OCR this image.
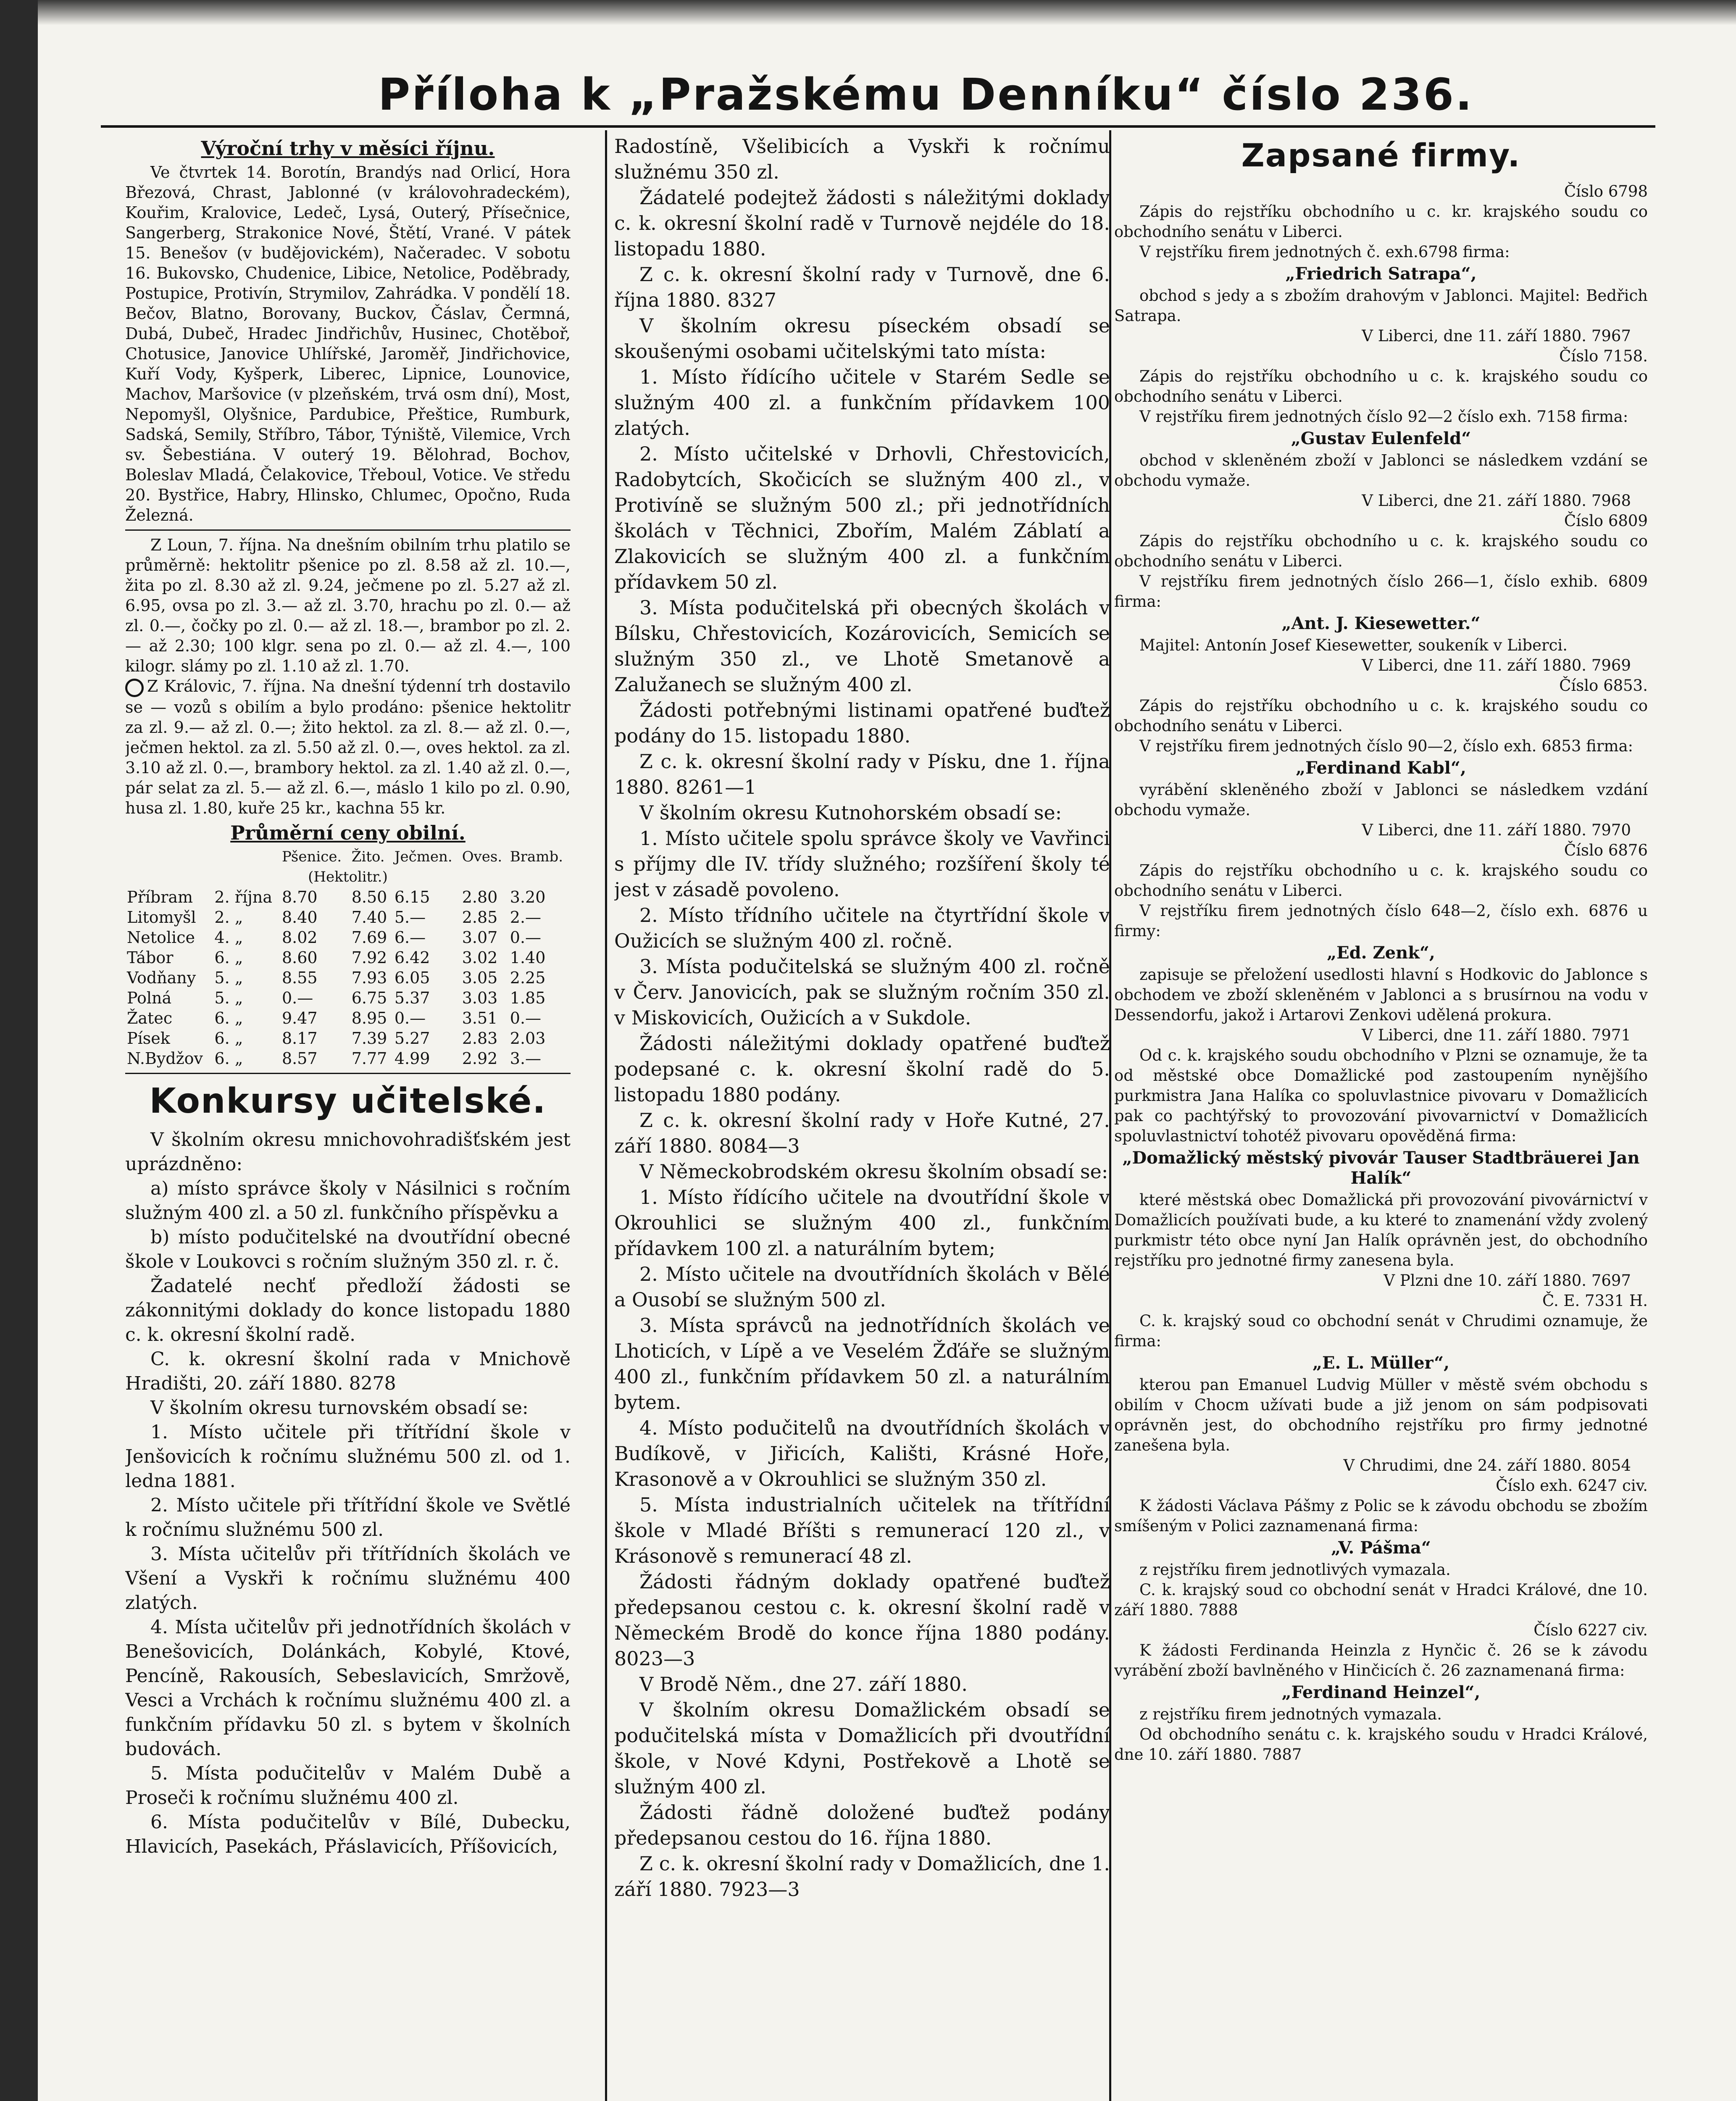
Příloha k „Pražskému Denníku“ číslo 236.
Výroční trhy v měsíci říjnu.

Ve čtvrtek 14. Borotín, Brandýs nad Orlicí, Hora Březová, Chrast, Jablonné (v královohradeckém), Kouřim, Kralovice, Ledeč, Lysá, Outerý, Přísečnice, Sangerberg, Strakonice Nové, Štětí, Vrané. V pátek 15. Benešov (v budějovickém), Načeradec. V sobotu 16. Bukovsko, Chudenice, Libice, Netolice, Poděbrady, Postupice, Protivín, Strymilov, Zahrádka. V pondělí 18. Bečov, Blatno, Borovany, Buckov, Čáslav, Čermná, Dubá, Dubeč, Hradec Jindřichův, Husinec, Chotěboř, Chotusice, Janovice Uhlířské, Jaroměř, Jindřichovice, Kuří Vody, Kyšperk, Liberec, Lipnice, Lounovice, Machov, Maršovice (v plzeňském, trvá osm dní), Most, Nepomyšl, Olyšnice, Pardubice, Přeštice, Rumburk, Sadská, Semily, Stříbro, Tábor, Týniště, Vilemice, Vrch sv. Šebestiána. V outerý 19. Bělohrad, Bochov, Boleslav Mladá, Čelakovice, Třeboul, Votice. Ve středu 20. Bystřice, Habry, Hlinsko, Chlumec, Opočno, Ruda Železná.

Z Loun, 7. října. Na dnešním obilním trhu platilo se průměrně: hektolitr pšenice po zl. 8.58 až zl. 10.—, žita po zl. 8.30 až zl. 9.24, ječmene po zl. 5.27 až zl. 6.95, ovsa po zl. 3.— až zl. 3.70, hrachu po zl. 0.— až zl. 0.—, čočky po zl. 0.— až zl. 18.—, brambor po zl. 2.— až 2.30; 100 klgr. sena po zl. 0.— až zl. 4.—, 100 kilogr. slámy po zl. 1.10 až zl. 1.70.

Z Královic, 7. října. Na dnešní týdenní trh dostavilo se — vozů s obilím a bylo prodáno: pšenice hektolitr za zl. 9.— až zl. 0.—; žito hektol. za zl. 8.— až zl. 0.—, ječmen hektol. za zl. 5.50 až zl. 0.—, oves hektol. za zl. 3.10 až zl. 0.—, brambory hektol. za zl. 1.40 až zl. 0.—, pár selat za zl. 5.— až zl. 6.—, máslo 1 kilo po zl. 0.90, husa zl. 1.80, kuře 25 kr., kachna 55 kr.

Průměrní ceny obilní.
		Pšenice.	Žito.	Ječmen.	Oves.	Bramb.
(Hektolitr.)						
Příbram	2. října	8.70	8.50	6.15	2.80	3.20
Litomyšl	2. „	8.40	7.40	5.—	2.85	2.—
Netolice	4. „	8.02	7.69	6.—	3.07	0.—
Tábor	6. „	8.60	7.92	6.42	3.02	1.40
Vodňany	5. „	8.55	7.93	6.05	3.05	2.25
Polná	5. „	0.—	6.75	5.37	3.03	1.85
Žatec	6. „	9.47	8.95	0.—	3.51	0.—
Písek	6. „	8.17	7.39	5.27	2.83	2.03
N.Bydžov	6. „	8.57	7.77	4.99	2.92	3.—
Konkursy učitelské.

V školním okresu mnichovohradišťském jest uprázdněno:

a) místo správce školy v Násilnici s ročním služným 400 zl. a 50 zl. funkčního příspěvku a

b) místo podučitelské na dvoutřídní obecné škole v Loukovci s ročním služným 350 zl. r. č.

Žadatelé nechť předloží žádosti se zákonnitými doklady do konce listopadu 1880 c. k. okresní školní radě.

C. k. okresní školní rada v Mnichově Hradišti, 20. září 1880. 8278

V školním okresu turnovském obsadí se:

1. Místo učitele při třítřídní škole v Jenšovicích k ročnímu služnému 500 zl. od 1. ledna 1881.

2. Místo učitele při třítřídní škole ve Světlé k ročnímu služnému 500 zl.

3. Místa učitelův při třítřídních školách ve Všení a Vyskři k ročnímu služnému 400 zlatých.

4. Místa učitelův při jednotřídních školách v Benešovicích, Dolánkách, Kobylé, Ktové, Pencíně, Rakousích, Sebeslavicích, Smržově, Vesci a Vrchách k ročnímu služnému 400 zl. a funkčním přídavku 50 zl. s bytem v školních budovách.

5. Místa podučitelův v Malém Dubě a Proseči k ročnímu služnému 400 zl.

6. Místa podučitelův v Bílé, Dubecku, Hlavicích, Pasekách, Přáslavicích, Příšovicích,

Radostíně, Všelibicích a Vyskři k ročnímu služnému 350 zl.

Žádatelé podejtež žádosti s náležitými doklady c. k. okresní školní radě v Turnově nejdéle do 18. listopadu 1880.

Z c. k. okresní školní rady v Turnově, dne 6. října 1880. 8327

V školním okresu píseckém obsadí se skoušenými osobami učitelskými tato místa:

1. Místo řídícího učitele v Starém Sedle se služným 400 zl. a funkčním přídavkem 100 zlatých.

2. Místo učitelské v Drhovli, Chřestovicích, Radobytcích, Skočicích se služným 400 zl., v Protivíně se služným 500 zl.; při jednotřídních školách v Těchnici, Zbořím, Malém Záblatí a Zlakovicích se služným 400 zl. a funkčním přídavkem 50 zl.

3. Místa podučitelská při obecných školách v Bílsku, Chřestovicích, Kozárovicích, Semicích se služným 350 zl., ve Lhotě Smetanově a Zalužanech se služným 400 zl.

Žádosti potřebnými listinami opatřené buďtež podány do 15. listopadu 1880.

Z c. k. okresní školní rady v Písku, dne 1. října 1880. 8261—1

V školním okresu Kutnohorském obsadí se:

1. Místo učitele spolu správce školy ve Vavřinci s příjmy dle IV. třídy služného; rozšíření školy té jest v zásadě povoleno.

2. Místo třídního učitele na čtyrtřídní škole v Oužicích se služným 400 zl. ročně.

3. Místa podučitelská se služným 400 zl. ročně v Červ. Janovicích, pak se služným ročním 350 zl. v Miskovicích, Oužicích a v Sukdole.

Žádosti náležitými doklady opatřené buďtež podepsané c. k. okresní školní radě do 5. listopadu 1880 podány.

Z c. k. okresní školní rady v Hoře Kutné, 27. září 1880. 8084—3

V Německobrodském okresu školním obsadí se:

1. Místo řídícího učitele na dvoutřídní škole v Okrouhlici se služným 400 zl., funkčním přídavkem 100 zl. a naturálním bytem;

2. Místo učitele na dvoutřídních školách v Bělé a Ousobí se služným 500 zl.

3. Místa správců na jednotřídních školách ve Lhoticích, v Lípě a ve Veselém Žďáře se služným 400 zl., funkčním přídavkem 50 zl. a naturálním bytem.

4. Místo podučitelů na dvoutřídních školách v Budíkově, v Jiřicích, Kališti, Krásné Hoře, Krasonově a v Okrouhlici se služným 350 zl.

5. Místa industrialních učitelek na třítřídní škole v Mladé Bříšti s remunerací 120 zl., v Krásonově s remunerací 48 zl.

Žádosti řádným doklady opatřené buďtež předepsanou cestou c. k. okresní školní radě v Německém Brodě do konce října 1880 podány. 8023—3

V Brodě Něm., dne 27. září 1880.

V školním okresu Domažlickém obsadí se podučitelská místa v Domažlicích při dvoutřídní škole, v Nové Kdyni, Postřekově a Lhotě se služným 400 zl.

Žádosti řádně doložené buďtež podány předepsanou cestou do 16. října 1880.

Z c. k. okresní školní rady v Domažlicích, dne 1. září 1880. 7923—3

Zapsané firmy.
Číslo 6798

Zápis do rejstříku obchodního u c. kr. krajského soudu co obchodního senátu v Liberci.

V rejstříku firem jednotných č. exh.6798 firma:

„Friedrich Satrapa“,

obchod s jedy a s zbožím drahovým v Jablonci. Majitel: Bedřich Satrapa.

V Liberci, dne 11. září 1880. 7967
Číslo 7158.

Zápis do rejstříku obchodního u c. k. krajského soudu co obchodního senátu v Liberci.

V rejstříku firem jednotných číslo 92—2 číslo exh. 7158 firma:

„Gustav Eulenfeld“

obchod v skleněném zboží v Jablonci se následkem vzdání se obchodu vymaže.

V Liberci, dne 21. září 1880. 7968
Číslo 6809

Zápis do rejstříku obchodního u c. k. krajského soudu co obchodního senátu v Liberci.

V rejstříku firem jednotných číslo 266—1, číslo exhib. 6809 firma:

„Ant. J. Kiesewetter.“

Majitel: Antonín Josef Kiesewetter, soukeník v Liberci.

V Liberci, dne 11. září 1880. 7969
Číslo 6853.

Zápis do rejstříku obchodního u c. k. krajského soudu co obchodního senátu v Liberci.

V rejstříku firem jednotných číslo 90—2, číslo exh. 6853 firma:

„Ferdinand Kabl“,

vyrábění skleněného zboží v Jablonci se následkem vzdání obchodu vymaže.

V Liberci, dne 11. září 1880. 7970
Číslo 6876

Zápis do rejstříku obchodního u c. k. krajského soudu co obchodního senátu v Liberci.

V rejstříku firem jednotných číslo 648—2, číslo exh. 6876 u firmy:

„Ed. Zenk“,

zapisuje se přeložení usedlosti hlavní s Hodkovic do Jablonce s obchodem ve zboží skleněném v Jablonci a s brusírnou na vodu v Dessendorfu, jakož i Artarovi Zenkovi udělená prokura.

V Liberci, dne 11. září 1880. 7971

Od c. k. krajského soudu obchodního v Plzni se oznamuje, že ta od městské obce Domažlické pod zastoupením nynějšího purkmistra Jana Halíka co spoluvlastnice pivovaru v Domažlicích pak co pachtýřský to provozování pivovarnictví v Domažlicích spoluvlastnictví tohotéž pivovaru opověděná firma:

„Domažlický městský pivovár Tauser Stadtbräuerei Jan Halík“

které městská obec Domažlická při provozování pivovárnictví v Domažlicích používati bude, a ku které to znamenání vždy zvolený purkmistr této obce nyní Jan Halík oprávněn jest, do obchodního rejstříku pro jednotné firmy zanesena byla.

V Plzni dne 10. září 1880. 7697
Č. E. 7331 H.

C. k. krajský soud co obchodní senát v Chrudimi oznamuje, že firma:

„E. L. Müller“,

kterou pan Emanuel Ludvig Müller v městě svém obchodu s obilím v Chocm užívati bude a již jenom on sám podpisovati oprávněn jest, do obchodního rejstříku pro firmy jednotné zanešena byla.

V Chrudimi, dne 24. září 1880. 8054
Číslo exh. 6247 civ.

K žádosti Václava Pášmy z Polic se k závodu obchodu se zbožím smíšeným v Polici zaznamenaná firma:

„V. Pášma“

z rejstříku firem jednotlivých vymazala.

C. k. krajský soud co obchodní senát v Hradci Králové, dne 10. září 1880. 7888

Číslo 6227 civ.

K žádosti Ferdinanda Heinzla z Hynčic č. 26 se k závodu vyrábění zboží bavlněného v Hinčicích č. 26 zaznamenaná firma:

„Ferdinand Heinzel“,

z rejstříku firem jednotných vymazala.

Od obchodního senátu c. k. krajského soudu v Hradci Králové, dne 10. září 1880. 7887
